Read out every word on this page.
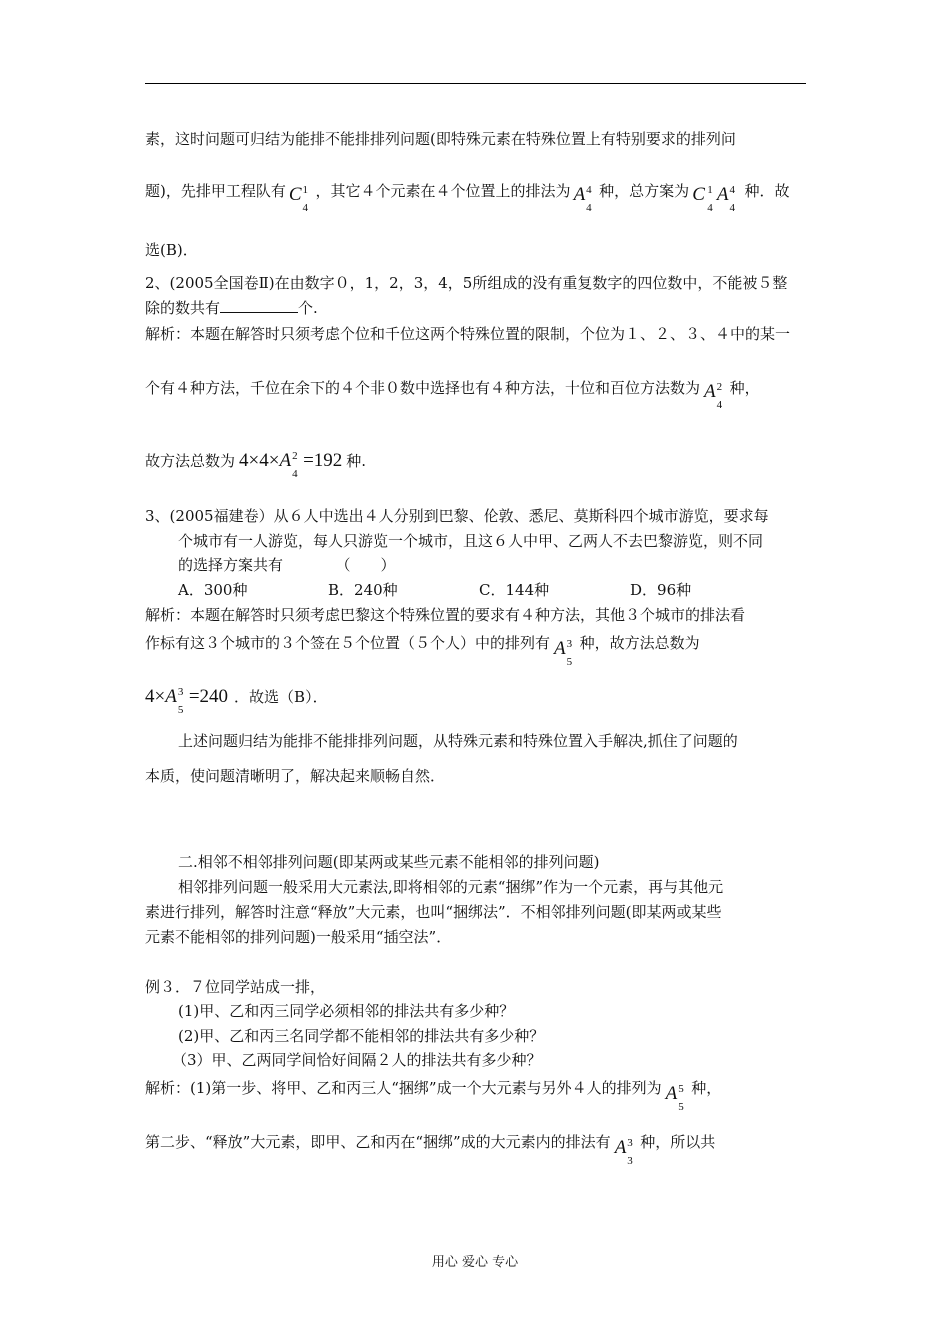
素，这时问题可归结为能排不能排排列问题(即特殊元素在特殊位置上有特别要求的排列问
题)，先排甲工程队有 C 1
4
，其它４个元素在４个位置上的排法为 A 4
4
种，总方案为 C 1
4
A 4
4
种．故
选(B)．
2、(2005全国卷Ⅱ)在由数字０，1，2，3，4，5所组成的没有重复数字的四位数中，不能被５整
除的数共有	个.
解析：本题在解答时只须考虑个位和千位这两个特殊位置的限制，个位为１、２、３、４中的某一
个有４种方法，千位在余下的４个非０数中选择也有４种方法，十位和百位方法数为 A 2
4
种，
故方法总数为 4×4×A 2
4
=192 种.
3、(2005福建卷）从６人中选出４人分别到巴黎、伦敦、悉尼、莫斯科四个城市游览，要求每
个城市有一人游览，每人只游览一个城市，且这６人中甲、乙两人不去巴黎游览，则不同
的选择方案共有　　　　（　　）
A．300种	B．240种	C．144种	D．96种
解析：本题在解答时只须考虑巴黎这个特殊位置的要求有４种方法，其他３个城市的排法看
作标有这３个城市的３个签在５个位置（５个人）中的排列有 A 3
5
种，故方法总数为
4×A 3
5
=240 ．故选（B）．
上述问题归结为能排不能排排列问题，从特殊元素和特殊位置入手解决,抓住了问题的
本质，使问题清晰明了，解决起来顺畅自然．
二.相邻不相邻排列问题(即某两或某些元素不能相邻的排列问题)
相邻排列问题一般采用大元素法,即将相邻的元素“捆绑”作为一个元素，再与其他元
素进行排列，解答时注意“释放”大元素，也叫“捆绑法”．不相邻排列问题(即某两或某些
元素不能相邻的排列问题)一般采用“插空法”．
例３．７位同学站成一排，
(1)甲、乙和丙三同学必须相邻的排法共有多少种？
(2)甲、乙和丙三名同学都不能相邻的排法共有多少种？
（3）甲、乙两同学间恰好间隔２人的排法共有多少种？
解析：(1)第一步、将甲、乙和丙三人“捆绑”成一个大元素与另外４人的排列为 A 5
5
种，
第二步、“释放”大元素，即甲、乙和丙在“捆绑”成的大元素内的排法有 A 3
3
种，所以共
用心 爱心 专心
